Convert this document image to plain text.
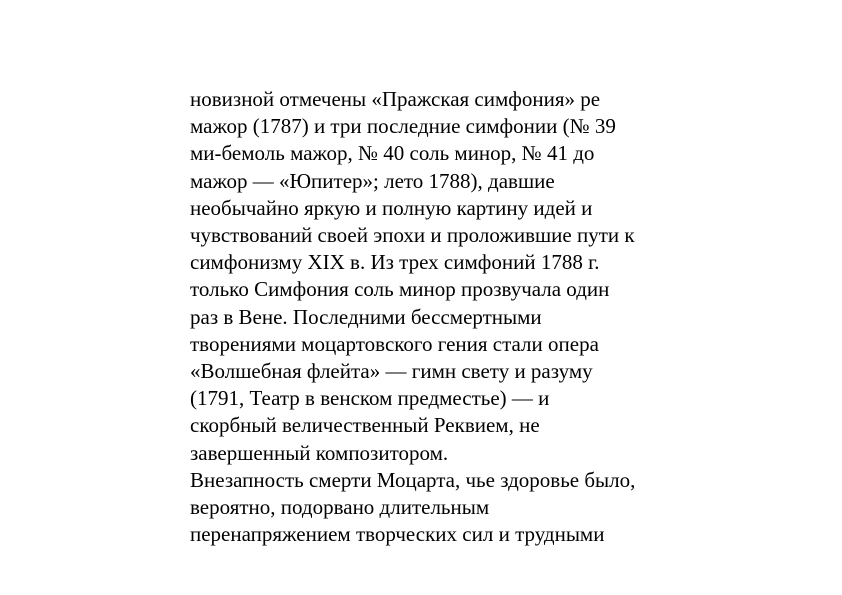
новизной отмечены «Пражская симфония» ре
мажор (1787) и три последние симфонии (№ 39
ми-бемоль мажор, № 40 соль минор, № 41 до
мажор — «Юпитер»; лето 1788), давшие
необычайно яркую и полную картину идей и
чувствований своей эпохи и проложившие пути к
симфонизму XIX в. Из трех симфоний 1788 г.
только Симфония соль минор прозвучала один
раз в Вене. Последними бессмертными
творениями моцартовского гения стали опера
«Волшебная флейта» — гимн свету и разуму
(1791, Театр в венском предместье) — и
скорбный величественный Реквием, не
завершенный композитором.
Внезапность смерти Моцарта, чье здоровье было,
вероятно, подорвано длительным
перенапряжением творческих сил и трудными
